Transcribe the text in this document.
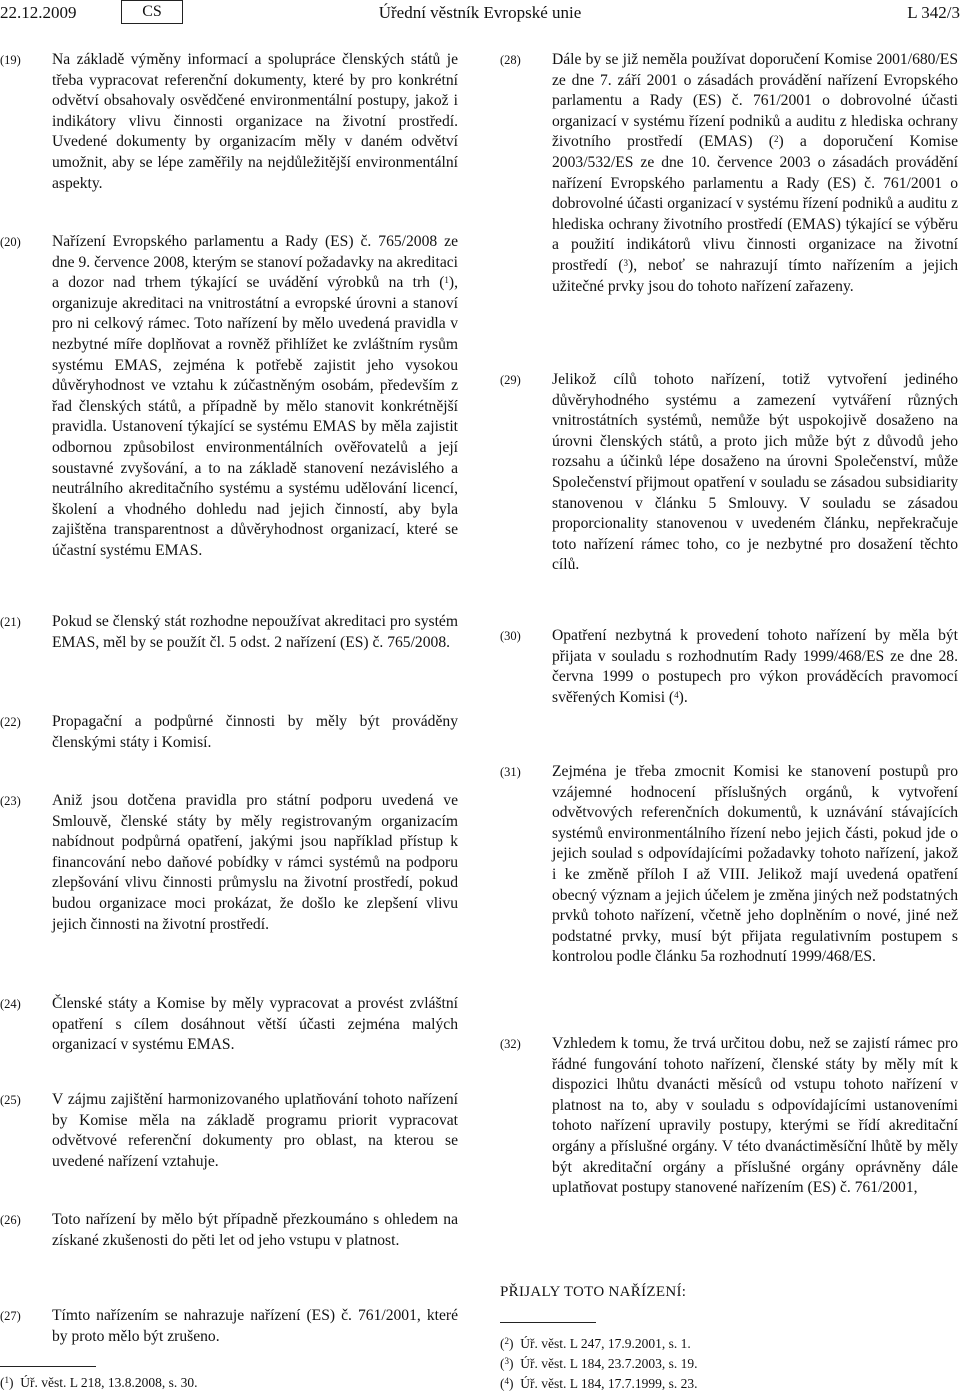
22.12.2009	CS	Úřední věstník Evropské unie	L 342/3
(19) Na základě výměny informací a spolupráce členských států je třeba vypracovat referenční dokumenty, které by pro konkrétní odvětví obsahovaly osvědčené environmentální postupy, jakož i indikátory vlivu činnosti organizace na životní prostředí. Uvedené dokumenty by organizacím měly v daném odvětví umožnit, aby se lépe zaměřily na nejdůležitější environmentální aspekty.
(20) Nařízení Evropského parlamentu a Rady (ES) č. 765/2008 ze dne 9. července 2008, kterým se stanoví požadavky na akreditaci a dozor nad trhem týkající se uvádění výrobků na trh ($^1$), organizuje akreditaci na vnitrostátní a evropské úrovni a stanoví pro ni celkový rámec. Toto nařízení by mělo uvedená pravidla v nezbytné míře doplňovat a rovněž přihlížet ke zvláštním rysům systému EMAS, zejména k potřebě zajistit jeho vysokou důvěryhodnost ve vztahu k zúčastněným osobám, především z řad členských států, a případně by mělo stanovit konkrétnější pravidla. Ustanovení týkající se systému EMAS by měla zajistit odbornou způsobilost environmentálních ověřovatelů a její soustavné zvyšování, a to na základě stanovení nezávislého a neutrálního akreditačního systému a systému udělování licencí, školení a vhodného dohledu nad jejich činností, aby byla zajištěna transparentnost a důvěryhodnost organizací, které se účastní systému EMAS.
(28) Dále by se již neměla používat doporučení Komise 2001/680/ES ze dne 7. září 2001 o zásadách provádění nařízení Evropského parlamentu a Rady (ES) č. 761/2001 o dobrovolné účasti organizací v systému řízení podniků a auditu z hlediska ochrany životního prostředí (EMAS) ($^2$) a doporučení Komise 2003/532/ES ze dne 10. července 2003 o zásadách provádění nařízení Evropského parlamentu a Rady (ES) č. 761/2001 o dobrovolné účasti organizací v systému řízení podniků a auditu z hlediska ochrany životního prostředí (EMAS) týkající se výběru a použití indikátorů vlivu činnosti organizace na životní prostředí ($^3$), neboť se nahrazují tímto nařízením a jejich užitečné prvky jsou do tohoto nařízení zařazeny.
(29) Jelikož cílů tohoto nařízení, totiž vytvoření jediného důvěryhodného systému a zamezení vytváření různých vnitrostátních systémů, nemůže být uspokojivě dosaženo na úrovni členských států, a proto jich může být z důvodů jeho rozsahu a účinků lépe dosaženo na úrovni Společenství, může Společenství přijmout opatření v souladu se zásadou subsidiarity stanovenou v článku 5 Smlouvy. V souladu se zásadou proporcionality stanovenou v uvedeném článku, nepřekračuje toto nařízení rámec toho, co je nezbytné pro dosažení těchto cílů.
(21) Pokud se členský stát rozhodne nepoužívat akreditaci pro systém EMAS, měl by se použít čl. 5 odst. 2 nařízení (ES) č. 765/2008.
(22) Propagační a podpůrné činnosti by měly být prováděny členskými státy i Komisí.
(23) Aniž jsou dotčena pravidla pro státní podporu uvedená ve Smlouvě, členské státy by měly registrovaným organizacím nabídnout podpůrná opatření, jakými jsou například přístup k financování nebo daňové pobídky v rámci systémů na podporu zlepšování vlivu činnosti průmyslu na životní prostředí, pokud budou organizace moci prokázat, že došlo ke zlepšení vlivu jejich činnosti na životní prostředí.
(24) Členské státy a Komise by měly vypracovat a provést zvláštní opatření s cílem dosáhnout větší účasti zejména malých organizací v systému EMAS.
(25) V zájmu zajištění harmonizovaného uplatňování tohoto nařízení by Komise měla na základě programu priorit vypracovat odvětvové referenční dokumenty pro oblast, na kterou se uvedené nařízení vztahuje.
(26) Toto nařízení by mělo být případně přezkoumáno s ohledem na získané zkušenosti do pěti let od jeho vstupu v platnost.
(27) Tímto nařízením se nahrazuje nařízení (ES) č. 761/2001, které by proto mělo být zrušeno.
(30) Opatření nezbytná k provedení tohoto nařízení by měla být přijata v souladu s rozhodnutím Rady 1999/468/ES ze dne 28. června 1999 o postupech pro výkon prováděcích pravomocí svěřených Komisi ($^4$).
(31) Zejména je třeba zmocnit Komisi ke stanovení postupů pro vzájemné hodnocení příslušných orgánů, k vytvoření odvětvových referenčních dokumentů, k uznávání stávajících systémů environmentálního řízení nebo jejich části, pokud jde o jejich soulad s odpovídajícími požadavky tohoto nařízení, jakož i ke změně příloh I až VIII. Jelikož mají uvedená opatření obecný význam a jejich účelem je změna jiných než podstatných prvků tohoto nařízení, včetně jeho doplněním o nové, jiné než podstatné prvky, musí být přijata regulativním postupem s kontrolou podle článku 5a rozhodnutí 1999/468/ES.
(32) Vzhledem k tomu, že trvá určitou dobu, než se zajistí rámec pro řádné fungování tohoto nařízení, členské státy by měly mít k dispozici lhůtu dvanácti měsíců od vstupu tohoto nařízení v platnost na to, aby v souladu s odpovídajícími ustanoveními tohoto nařízení upravily postupy, kterými se řídí akreditační orgány a příslušné orgány. V této dvanáctiměsíční lhůtě by měly být akreditační orgány a příslušné orgány oprávněny dále uplatňovat postupy stanovené nařízením (ES) č. 761/2001,
PŘIJALY TOTO NAŘÍZENÍ:
($^1$)  Úř. věst. L 218, 13.8.2008, s. 30.
($^2$)  Úř. věst. L 247, 17.9.2001, s. 1.
($^3$)  Úř. věst. L 184, 23.7.2003, s. 19.
($^4$)  Úř. věst. L 184, 17.7.1999, s. 23.
